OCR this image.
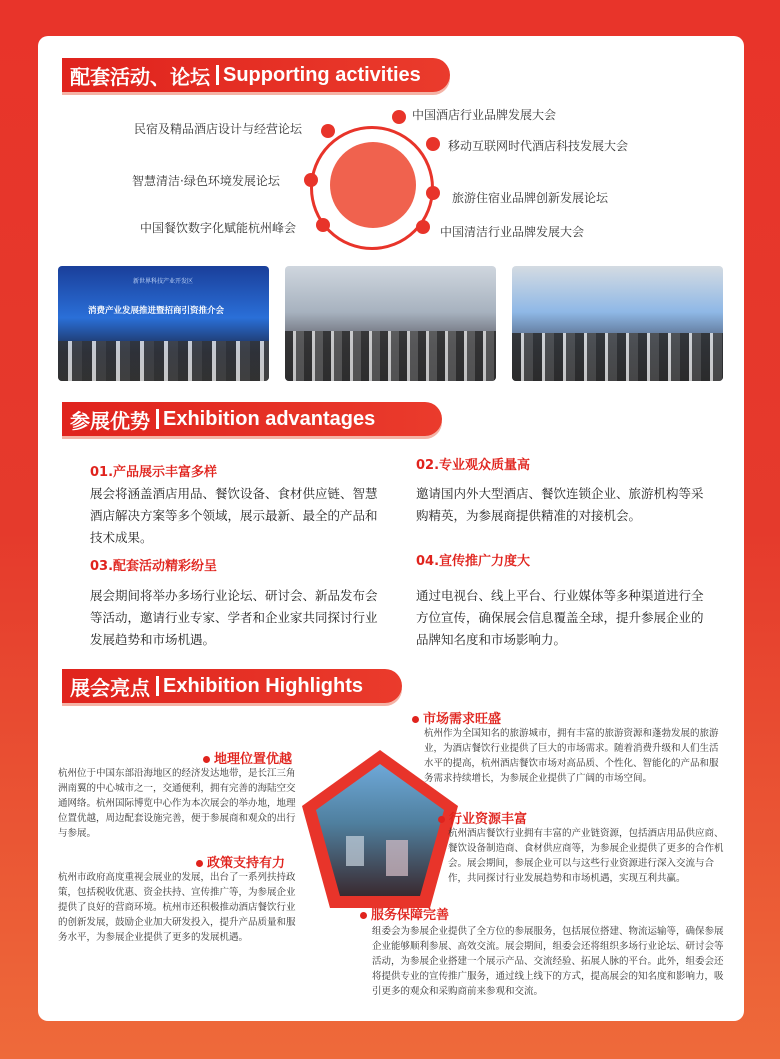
配套活动、论坛 Supporting activities
中国酒店行业品牌发展大会
移动互联网时代酒店科技发展大会
旅游住宿业品牌创新发展论坛
中国清洁行业品牌发展大会
民宿及精品酒店设计与经营论坛
智慧清洁·绿色环境发展论坛
中国餐饮数字化赋能杭州峰会
新世界科技产业开发区
消费产业发展推进暨招商引资推介会
参展优势 Exhibition advantages
01.产品展示丰富多样
展会将涵盖酒店用品、餐饮设备、食材供应链、智慧酒店解决方案等多个领域，展示最新、最全的产品和技术成果。
02.专业观众质量高
邀请国内外大型酒店、餐饮连锁企业、旅游机构等采购精英，为参展商提供精准的对接机会。
03.配套活动精彩纷呈
展会期间将举办多场行业论坛、研讨会、新品发布会等活动，邀请行业专家、学者和企业家共同探讨行业发展趋势和市场机遇。
04.宣传推广力度大
通过电视台、线上平台、行业媒体等多种渠道进行全方位宣传，确保展会信息覆盖全球，提升参展企业的品牌知名度和市场影响力。
展会亮点 Exhibition Highlights
市场需求旺盛
杭州作为全国知名的旅游城市，拥有丰富的旅游资源和蓬勃发展的旅游业，为酒店餐饮行业提供了巨大的市场需求。随着消费升级和人们生活水平的提高，杭州酒店餐饮市场对高品质、个性化、智能化的产品和服务需求持续增长，为参展企业提供了广阔的市场空间。
地理位置优越
杭州位于中国东部沿海地区的经济发达地带，是长江三角洲南翼的中心城市之一，交通便利，拥有完善的海陆空交通网络。杭州国际博览中心作为本次展会的举办地，地理位置优越，周边配套设施完善，便于参展商和观众的出行与参展。
行业资源丰富
杭州酒店餐饮行业拥有丰富的产业链资源，包括酒店用品供应商、餐饮设备制造商、食材供应商等，为参展企业提供了更多的合作机会。展会期间，参展企业可以与这些行业资源进行深入交流与合作，共同探讨行业发展趋势和市场机遇，实现互利共赢。
政策支持有力
杭州市政府高度重视会展业的发展，出台了一系列扶持政策，包括税收优惠、资金扶持、宣传推广等，为参展企业提供了良好的营商环境。杭州市还积极推动酒店餐饮行业的创新发展，鼓励企业加大研发投入，提升产品质量和服务水平，为参展企业提供了更多的发展机遇。
服务保障完善
组委会为参展企业提供了全方位的参展服务，包括展位搭建、物流运输等，确保参展企业能够顺利参展、高效交流。展会期间，组委会还将组织多场行业论坛、研讨会等活动，为参展企业搭建一个展示产品、交流经验、拓展人脉的平台。此外，组委会还将提供专业的宣传推广服务，通过线上线下的方式，提高展会的知名度和影响力，吸引更多的观众和采购商前来参观和交流。
